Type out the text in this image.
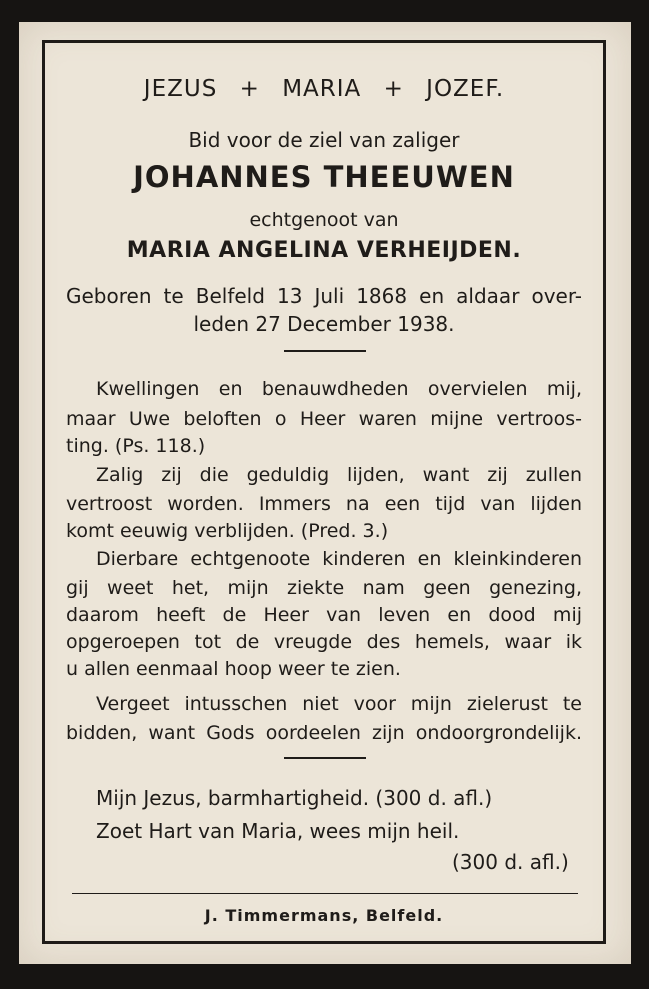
JEZUS + MARIA + JOZEF.
Bid voor de ziel van zaliger
JOHANNES THEEUWEN
echtgenoot van
MARIA ANGELINA VERHEIJDEN.
Geboren te Belfeld 13 Juli 1868 en aldaar over-
leden 27 December 1938.
Kwellingen en benauwdheden overvielen mij,
maar Uwe beloften o Heer waren mijne vertroos-
ting. (Ps. 118.)
Zalig zij die geduldig lijden, want zij zullen
vertroost worden. Immers na een tijd van lijden
komt eeuwig verblijden. (Pred. 3.)
Dierbare echtgenoote kinderen en kleinkinderen
gij weet het, mijn ziekte nam geen genezing,
daarom heeft de Heer van leven en dood mij
opgeroepen tot de vreugde des hemels, waar ik
u allen eenmaal hoop weer te zien.
Vergeet intusschen niet voor mijn zielerust te
bidden, want Gods oordeelen zijn ondoorgrondelijk.
Mijn Jezus, barmhartigheid. (300 d. afl.)
Zoet Hart van Maria, wees mijn heil.
(300 d. afl.)
J. Timmermans, Belfeld.
